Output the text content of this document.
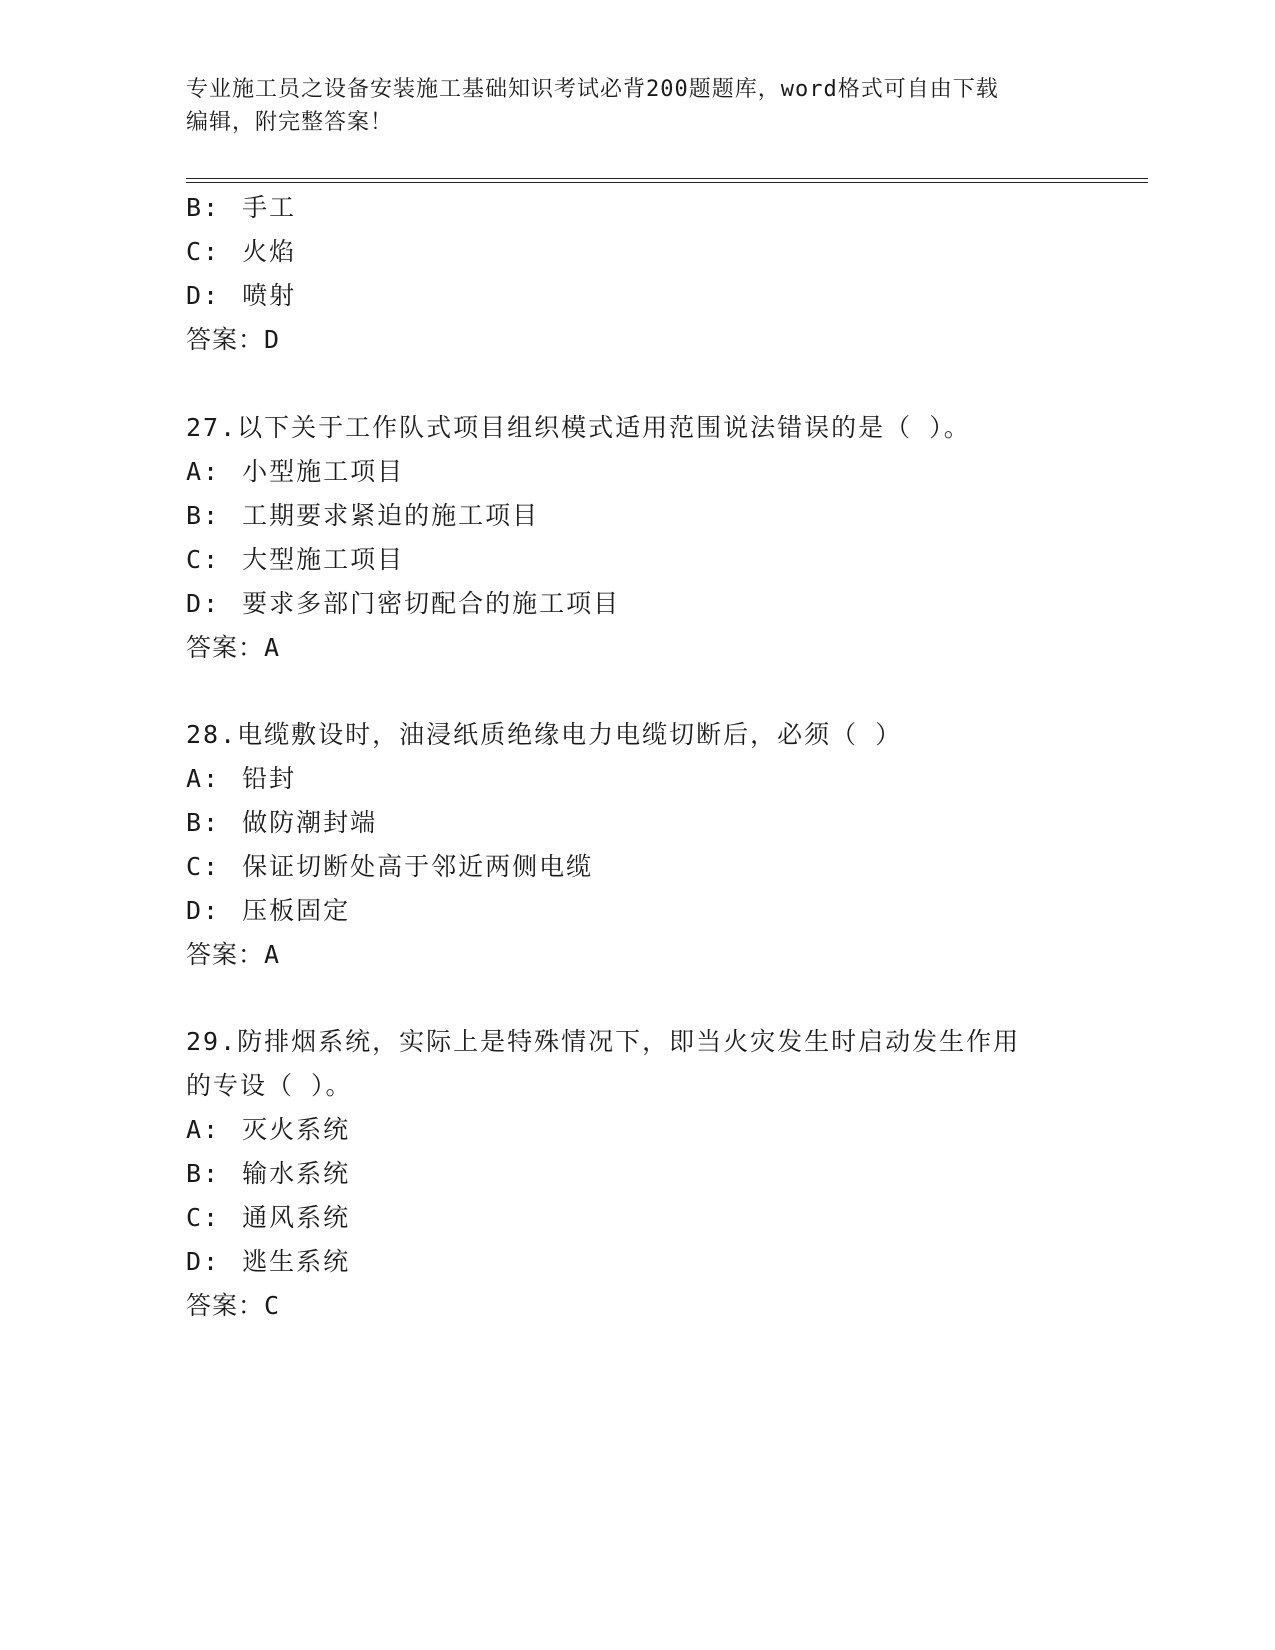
专业施工员之设备安装施工基础知识考试必背200题题库，word格式可自由下载
编辑，附完整答案！
B: 手工
C: 火焰
D: 喷射
答案：D
27.以下关于工作队式项目组织模式适用范围说法错误的是（ ）。
A: 小型施工项目
B: 工期要求紧迫的施工项目
C: 大型施工项目
D: 要求多部门密切配合的施工项目
答案：A
28.电缆敷设时，油浸纸质绝缘电力电缆切断后，必须（ ）
A: 铅封
B: 做防潮封端
C: 保证切断处高于邻近两侧电缆
D: 压板固定
答案：A
29.防排烟系统，实际上是特殊情况下，即当火灾发生时启动发生作用
的专设（ ）。
A: 灭火系统
B: 输水系统
C: 通风系统
D: 逃生系统
答案：C
